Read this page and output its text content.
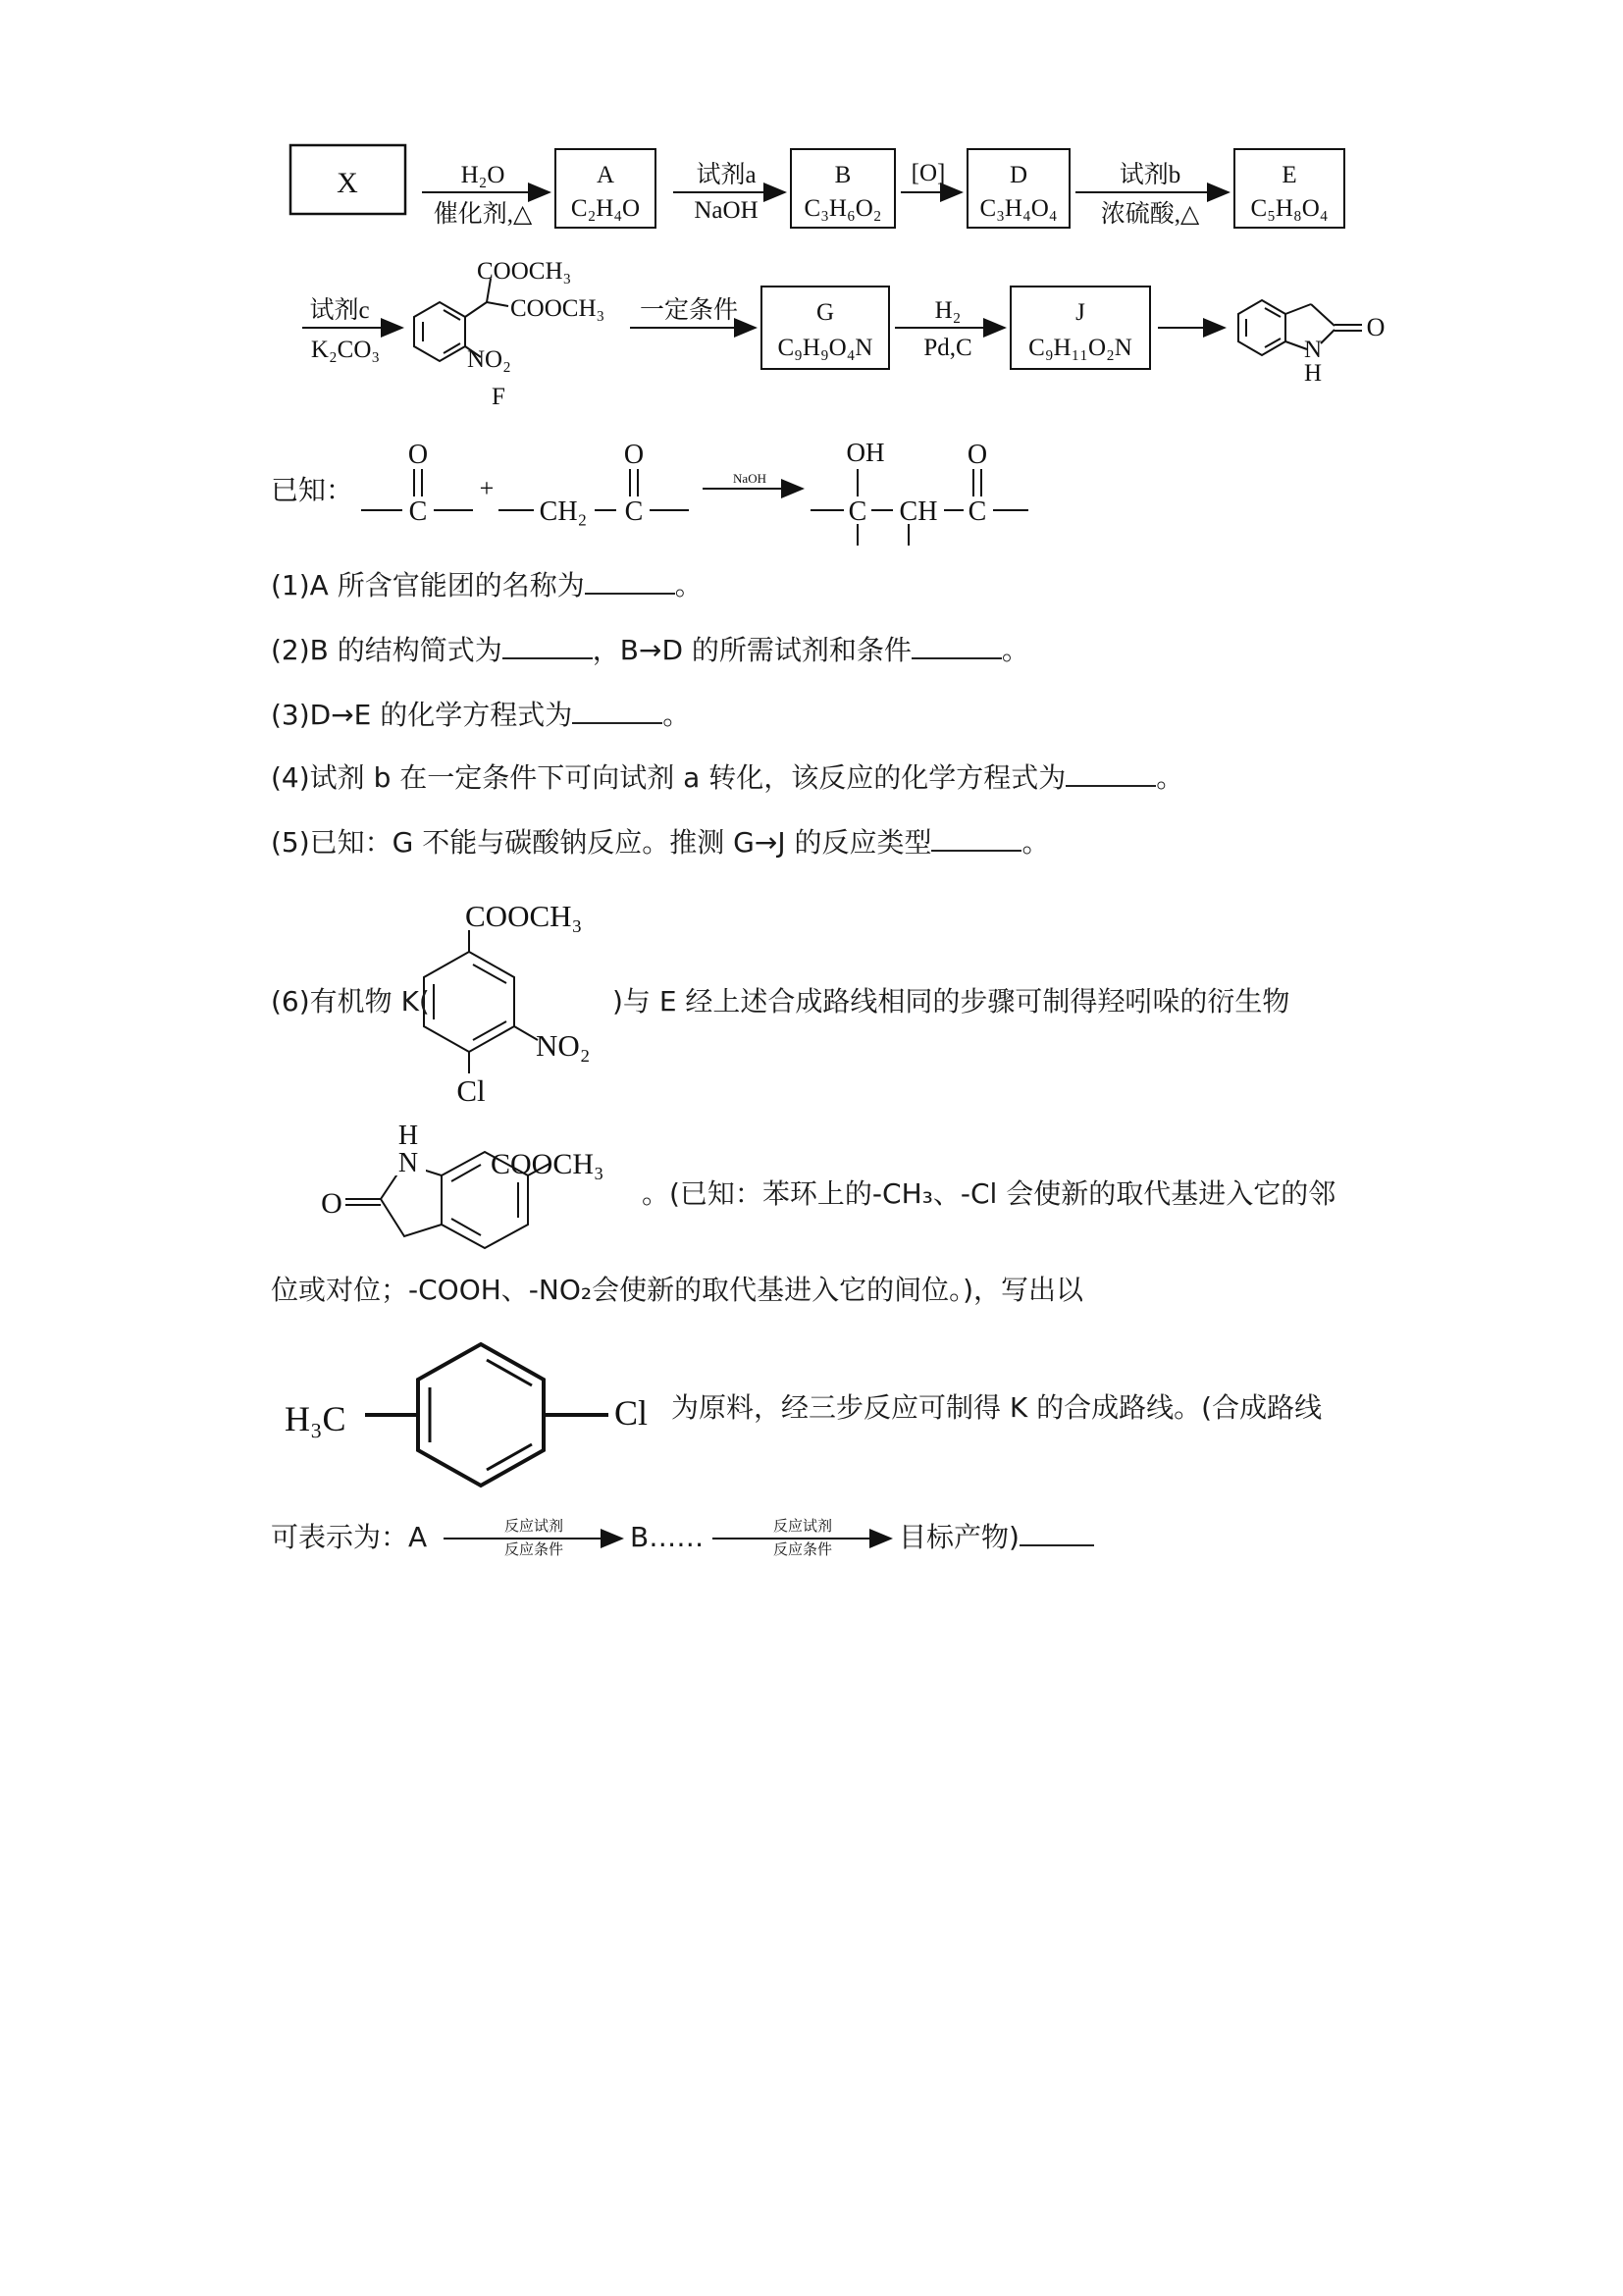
X	H₂O
催化剂,△
A
C₂H₄O
试剂a
NaOH
B
C₃H₆O₂
[O]	D
C₃H₄O₄
试剂b
浓硫酸,△
E
C₅H₈O₄
试剂c
K₂CO₃
COOCH₃
COOCH₃
NO₂
F
一定条件	G
C₉H₉O₄N
H₂
Pd,C
J
C₉H₁₁O₂N	N
H
O
O
C
+
CH₂
O
C
NaOH
OH
C CH
O
C
COOCH₃
NO₂
Cl
H
N
O
COOCH₃
H₃C	Cl
反应试剂
反应条件
反应试剂
反应条件
已知：
(1)A 所含官能团的名称为	。
(2)B 的结构简式为	，B→D 的所需试剂和条件	。
(3)D→E 的化学方程式为	。
(4)试剂 b 在一定条件下可向试剂 a 转化，该反应的化学方程式为	。
(5)已知：G 不能与碳酸钠反应。推测 G→J 的反应类型	。
(6)有机物 K(	)与 E 经上述合成路线相同的步骤可制得羟吲哚的衍生物
。(已知：苯环上的-CH₃、-Cl 会使新的取代基进入它的邻
位或对位；-COOH、-NO₂会使新的取代基进入它的间位。)，写出以
为原料，经三步反应可制得 K 的合成路线。(合成路线
可表示为：A	B……	目标产物)
